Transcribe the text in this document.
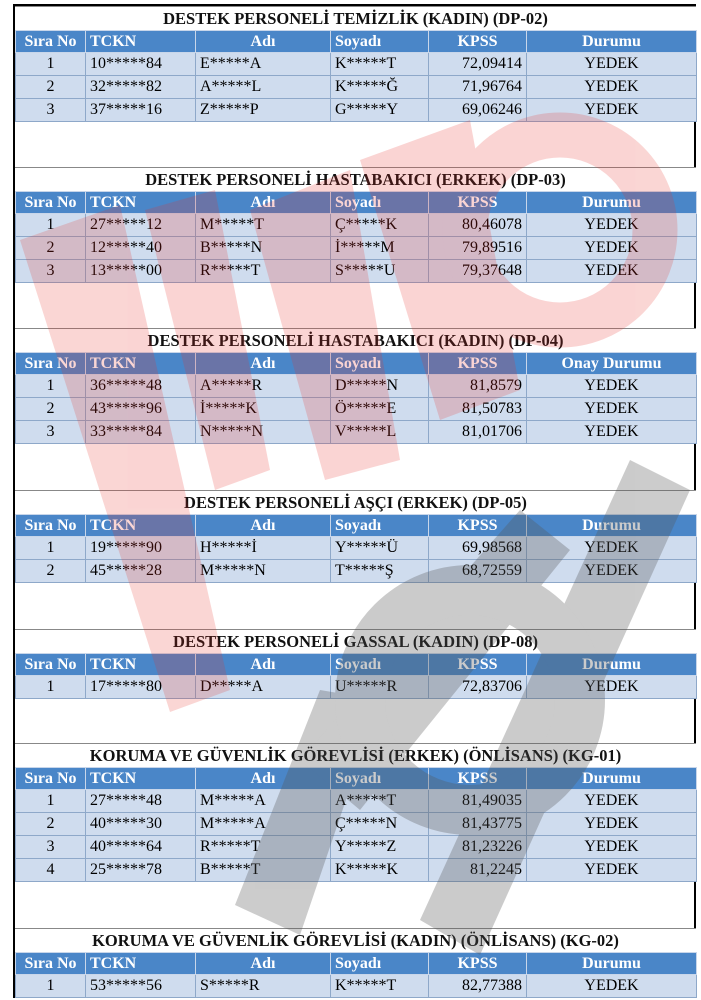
DESTEK PERSONELİ TEMİZLİK (KADIN) (DP-02)
Sıra No	TCKN	Adı	Soyadı	KPSS	Durumu
1	10*****84	E*****A	K*****T	72,09414	YEDEK
2	32*****82	A*****L	K*****Ğ	71,96764	YEDEK
3	37*****16	Z*****P	G*****Y	69,06246	YEDEK
DESTEK PERSONELİ HASTABAKICI (ERKEK) (DP-03)
Sıra No	TCKN	Adı	Soyadı	KPSS	Durumu
1	27*****12	M*****T	Ç*****K	80,46078	YEDEK
2	12*****40	B*****N	İ*****M	79,89516	YEDEK
3	13*****00	R*****T	S*****U	79,37648	YEDEK
DESTEK PERSONELİ HASTABAKICI (KADIN) (DP-04)
Sıra No	TCKN	Adı	Soyadı	KPSS	Onay Durumu
1	36*****48	A*****R	D*****N	81,8579	YEDEK
2	43*****96	İ*****K	Ö*****E	81,50783	YEDEK
3	33*****84	N*****N	V*****L	81,01706	YEDEK
DESTEK PERSONELİ AŞÇI (ERKEK) (DP-05)
Sıra No	TCKN	Adı	Soyadı	KPSS	Durumu
1	19*****90	H*****İ	Y*****Ü	69,98568	YEDEK
2	45*****28	M*****N	T*****Ş	68,72559	YEDEK
DESTEK PERSONELİ GASSAL (KADIN) (DP-08)
Sıra No	TCKN	Adı	Soyadı	KPSS	Durumu
1	17*****80	D*****A	U*****R	72,83706	YEDEK
KORUMA VE GÜVENLİK GÖREVLİSİ (ERKEK) (ÖNLİSANS) (KG-01)
Sıra No	TCKN	Adı	Soyadı	KPSS	Durumu
1	27*****48	M*****A	A*****T	81,49035	YEDEK
2	40*****30	M*****A	Ç*****N	81,43775	YEDEK
3	40*****64	R*****T	Y*****Z	81,23226	YEDEK
4	25*****78	B*****T	K*****K	81,2245	YEDEK
KORUMA VE GÜVENLİK GÖREVLİSİ (KADIN) (ÖNLİSANS) (KG-02)
Sıra No	TCKN	Adı	Soyadı	KPSS	Durumu
1	53*****56	S*****R	K*****T	82,77388	YEDEK
